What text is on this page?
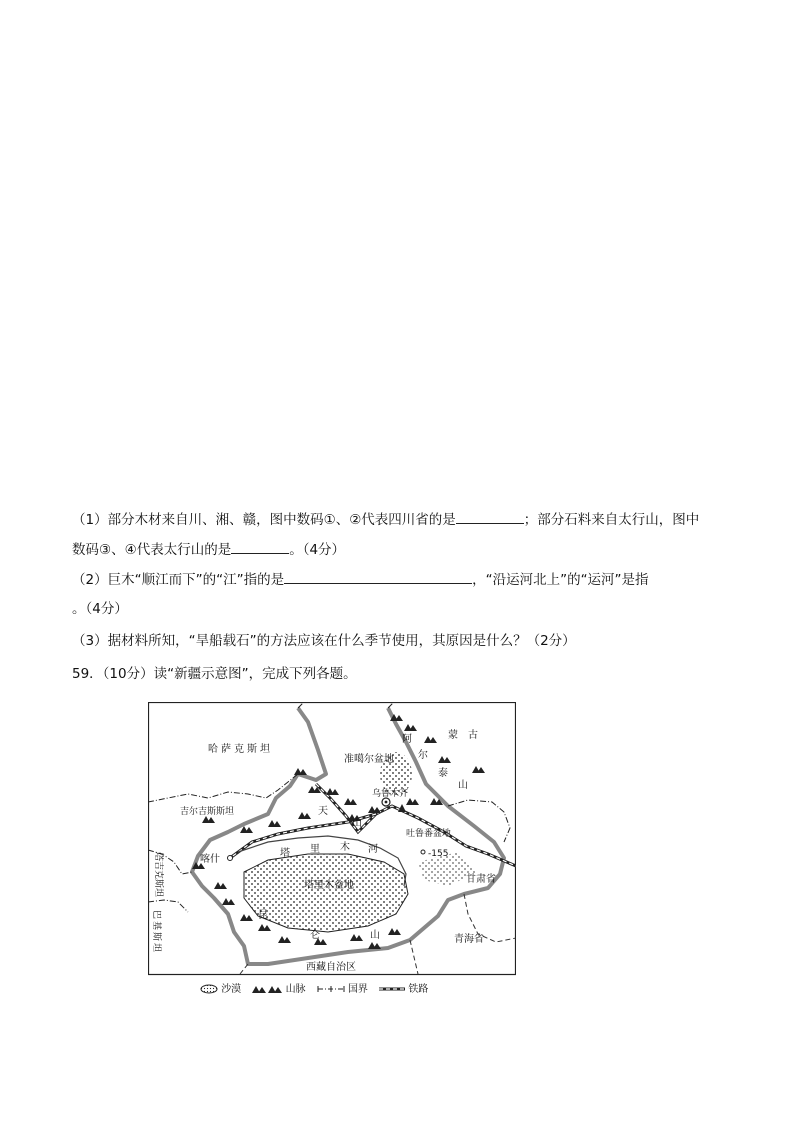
（1）部分木材来自川、湘、赣，图中数码①、②代表四川省的是	；部分石料来自太行山，图中
数码③、④代表太行山的是	。（4分）
（2）巨木“顺江而下”的“江”指的是	，“沿运河北上”的“运河”是指
。（4分）
（3）据材料所知，“旱船载石”的方法应该在什么季节使用，其原因是什么？（2分）
59．（10分）读“新疆示意图”，完成下列各题。
哈萨克斯坦
吉尔吉斯斯坦
蒙古
准噶尔盆地
乌鲁木齐
吐鲁番盆地
-155
喀什
塔里木盆地
甘肃省
青海省
西藏自治区
塔 里 木 河
天
山
阿
尔
泰
山
昆
仑	山
塔吉克斯坦
巴基斯坦
沙漠	山脉	国界	铁路
